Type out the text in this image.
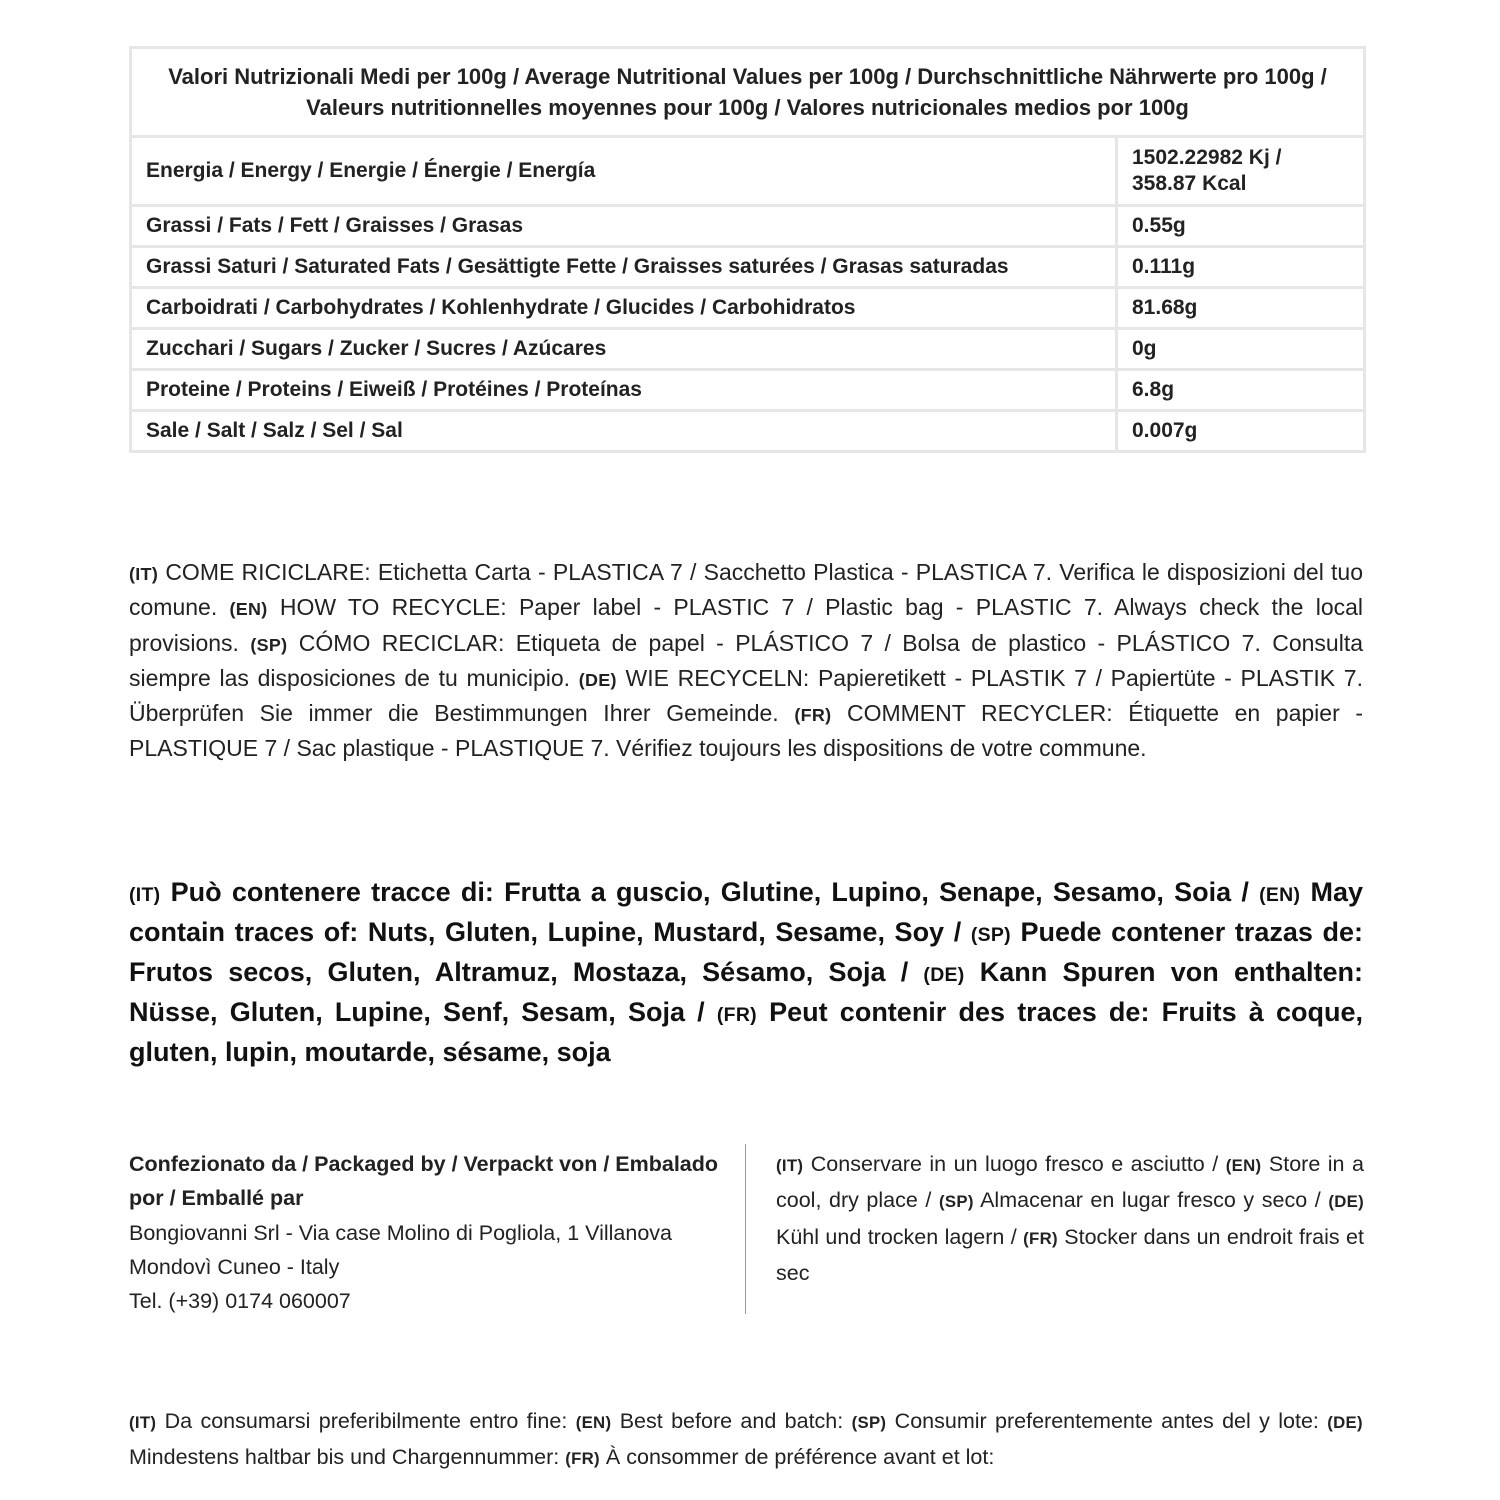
Valori Nutrizionali Medi per 100g / Average Nutritional Values per 100g / Durchschnittliche Nährwerte pro 100g / Valeurs nutritionnelles moyennes pour 100g / Valores nutricionales medios por 100g	
Energia / Energy / Energie / Énergie / Energía	1502.22982 Kj /
358.87 Kcal
Grassi / Fats / Fett / Graisses / Grasas	0.55g
Grassi Saturi / Saturated Fats / Gesättigte Fette / Graisses saturées / Grasas saturadas	0.111g
Carboidrati / Carbohydrates / Kohlenhydrate / Glucides / Carbohidratos	81.68g
Zucchari / Sugars / Zucker / Sucres / Azúcares	0g
Proteine / Proteins / Eiweiß / Protéines / Proteínas	6.8g
Sale / Salt / Salz / Sel / Sal	0.007g
(IT) COME RICICLARE: Etichetta Carta - PLASTICA 7 / Sacchetto Plastica - PLASTICA 7. Verifica le disposizioni del tuo comune. (EN) HOW TO RECYCLE: Paper label - PLASTIC 7 / Plastic bag - PLASTIC 7. Always check the local provisions. (SP) CÓMO RECICLAR: Etiqueta de papel - PLÁSTICO 7 / Bolsa de plastico - PLÁSTICO 7. Consulta siempre las disposiciones de tu municipio. (DE) WIE RECYCELN: Papieretikett - PLASTIK 7 / Papiertüte - PLASTIK 7. Überprüfen Sie immer die Bestimmungen Ihrer Gemeinde. (FR) COMMENT RECYCLER: Étiquette en papier - PLASTIQUE 7 / Sac plastique - PLASTIQUE 7. Vérifiez toujours les dispositions de votre commune.
(IT) Può contenere tracce di: Frutta a guscio, Glutine, Lupino, Senape, Sesamo, Soia / (EN) May contain traces of: Nuts, Gluten, Lupine, Mustard, Sesame, Soy / (SP) Puede contener trazas de: Frutos secos, Gluten, Altramuz, Mostaza, Sésamo, Soja / (DE) Kann Spuren von enthalten: Nüsse, Gluten, Lupine, Senf, Sesam, Soja / (FR) Peut contenir des traces de: Fruits à coque, gluten, lupin, moutarde, sésame, soja
Confezionato da / Packaged by / Verpackt von / Embalado por / Emballé par
Bongiovanni Srl - Via case Molino di Pogliola, 1 Villanova Mondovì Cuneo - Italy
Tel. (+39) 0174 060007
(IT) Conservare in un luogo fresco e asciutto / (EN) Store in a cool, dry place / (SP) Almacenar en lugar fresco y seco / (DE) Kühl und trocken lagern / (FR) Stocker dans un endroit frais et sec
(IT) Da consumarsi preferibilmente entro fine: (EN) Best before and batch: (SP) Consumir preferentemente antes del y lote: (DE) Mindestens haltbar bis und Chargennummer: (FR) À consommer de préférence avant et lot:
